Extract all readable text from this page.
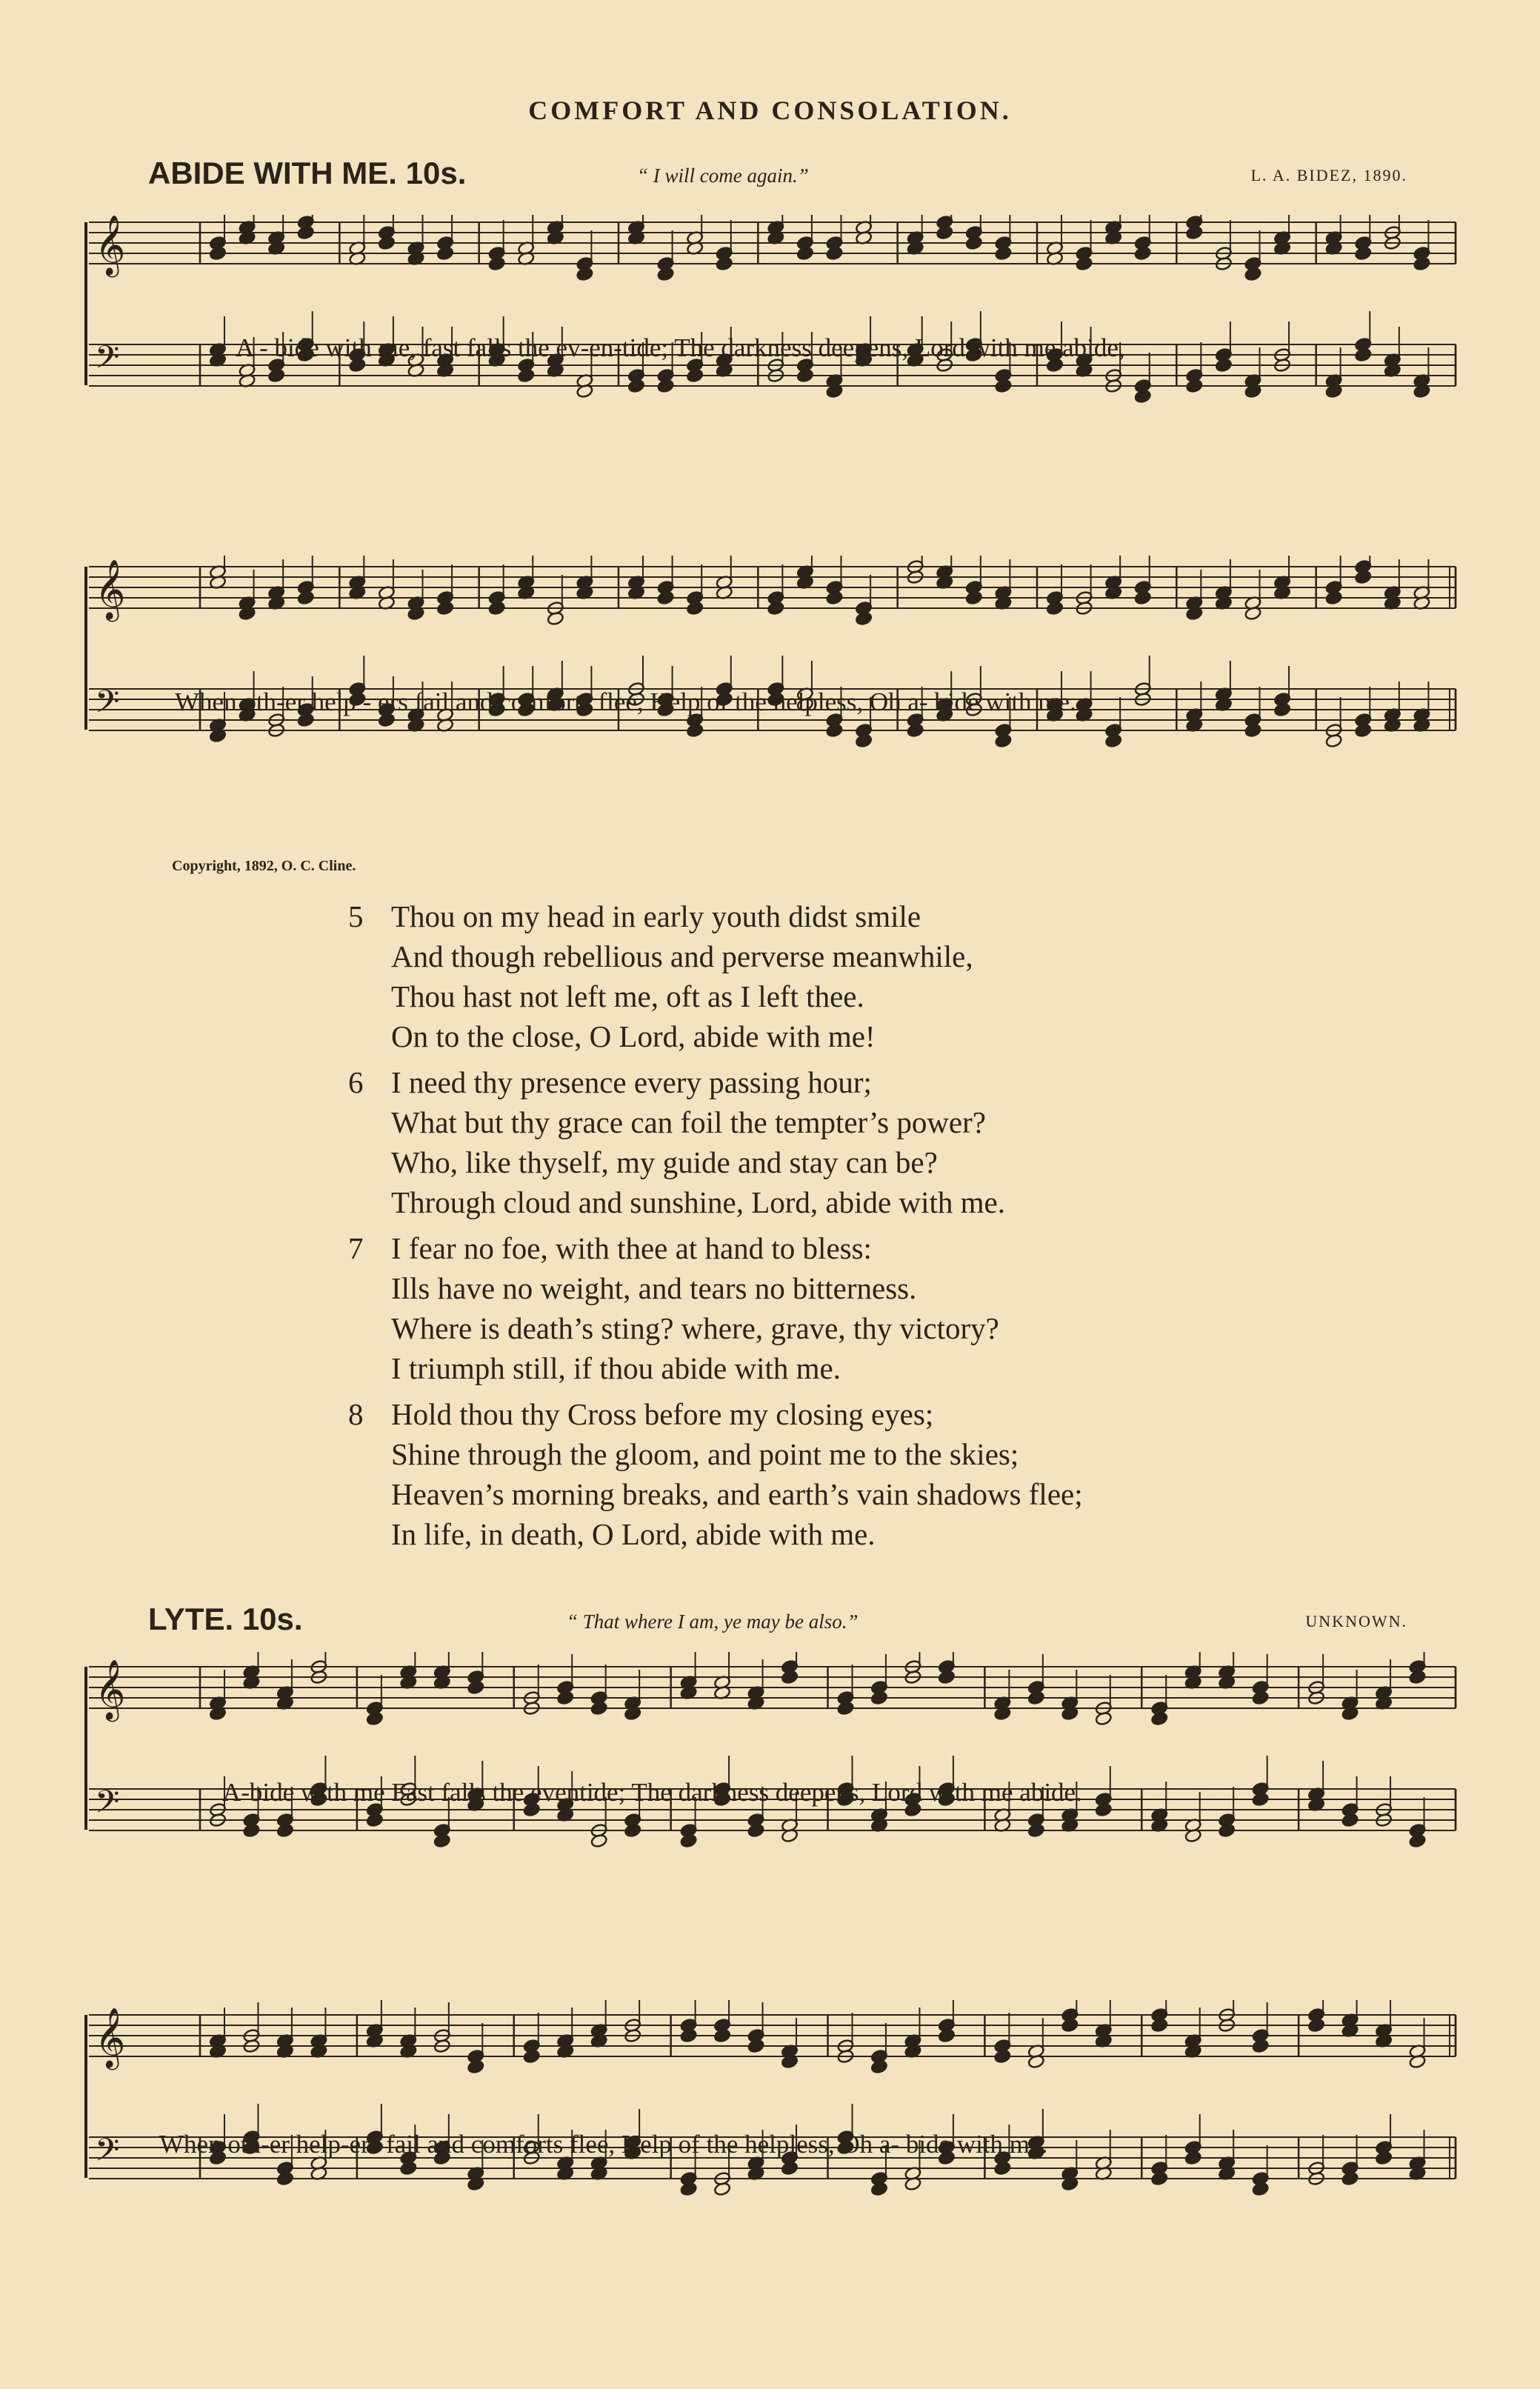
COMFORT AND CONSOLATION.
ABIDE WITH ME. 10s.	“ I will come again.”	L. A. BIDEZ, 1890.
𝄞
𝄢	A - bide with me, fast falls the ev-en-tide; The darkness deepens, Lord with me abide,
𝄞
𝄢 When oth-er help - ers fail and comforts flee, Help of the helpless, Oh a- bide with me.
Copyright, 1892, O. C. Cline.
5 Thou on my head in early youth didst smile
And though rebellious and perverse meanwhile,
Thou hast not left me, oft as I left thee.
On to the close, O Lord, abide with me!
6 I need thy presence every passing hour;
What but thy grace can foil the tempter’s power?
Who, like thyself, my guide and stay can be?
Through cloud and sunshine, Lord, abide with me.
7 I fear no foe, with thee at hand to bless:
Ills have no weight, and tears no bitterness.
Where is death’s sting? where, grave, thy victory?
I triumph still, if thou abide with me.
8 Hold thou thy Cross before my closing eyes;
Shine through the gloom, and point me to the skies;
Heaven’s morning breaks, and earth’s vain shadows flee;
In life, in death, O Lord, abide with me.
LYTE. 10s.	“ That where I am, ye may be also.”	UNKNOWN.
𝄞
𝄢	A-bide with me Fast falls the eventide; The darkness deepens, Lord with me abide.
𝄞
𝄢 When oth-er help-ers fail and comforts flee, Help of the helpless, Oh a- bide with me.
